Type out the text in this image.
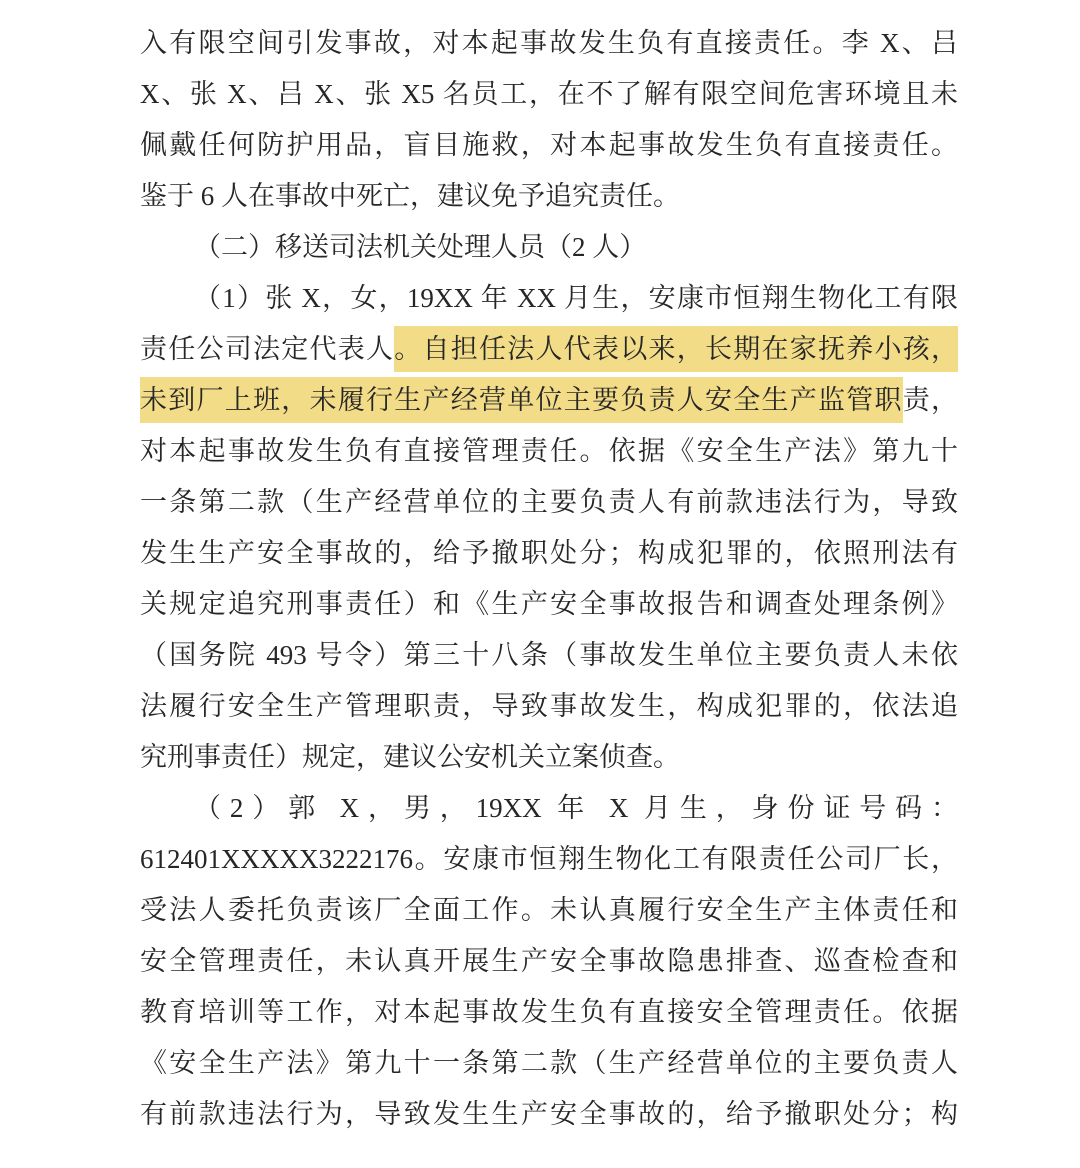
入有限空间引发事故，对本起事故发生负有直接责任。李 X、吕
X、张 X、吕 X、张 X5 名员工，在不了解有限空间危害环境且未
佩戴任何防护用品，盲目施救，对本起事故发生负有直接责任。
鉴于 6 人在事故中死亡，建议免予追究责任。
（二）移送司法机关处理人员（2 人）
（1）张 X，女，19XX 年 XX 月生，安康市恒翔生物化工有限
责任公司法定代表人。自担任法人代表以来，长期在家抚养小孩，
未到厂上班，未履行生产经营单位主要负责人安全生产监管职责，
对本起事故发生负有直接管理责任。依据《安全生产法》第九十
一条第二款（生产经营单位的主要负责人有前款违法行为，导致
发生生产安全事故的，给予撤职处分；构成犯罪的，依照刑法有
关规定追究刑事责任）和《生产安全事故报告和调查处理条例》
（国务院 493 号令）第三十八条（事故发生单位主要负责人未依
法履行安全生产管理职责，导致事故发生，构成犯罪的，依法追
究刑事责任）规定，建议公安机关立案侦查。
（2）郭 X，男，19XX 年 X 月生，身份证号码：
612401XXXXX3222176。安康市恒翔生物化工有限责任公司厂长，
受法人委托负责该厂全面工作。未认真履行安全生产主体责任和
安全管理责任，未认真开展生产安全事故隐患排查、巡查检查和
教育培训等工作，对本起事故发生负有直接安全管理责任。依据
《安全生产法》第九十一条第二款（生产经营单位的主要负责人
有前款违法行为，导致发生生产安全事故的，给予撤职处分；构
